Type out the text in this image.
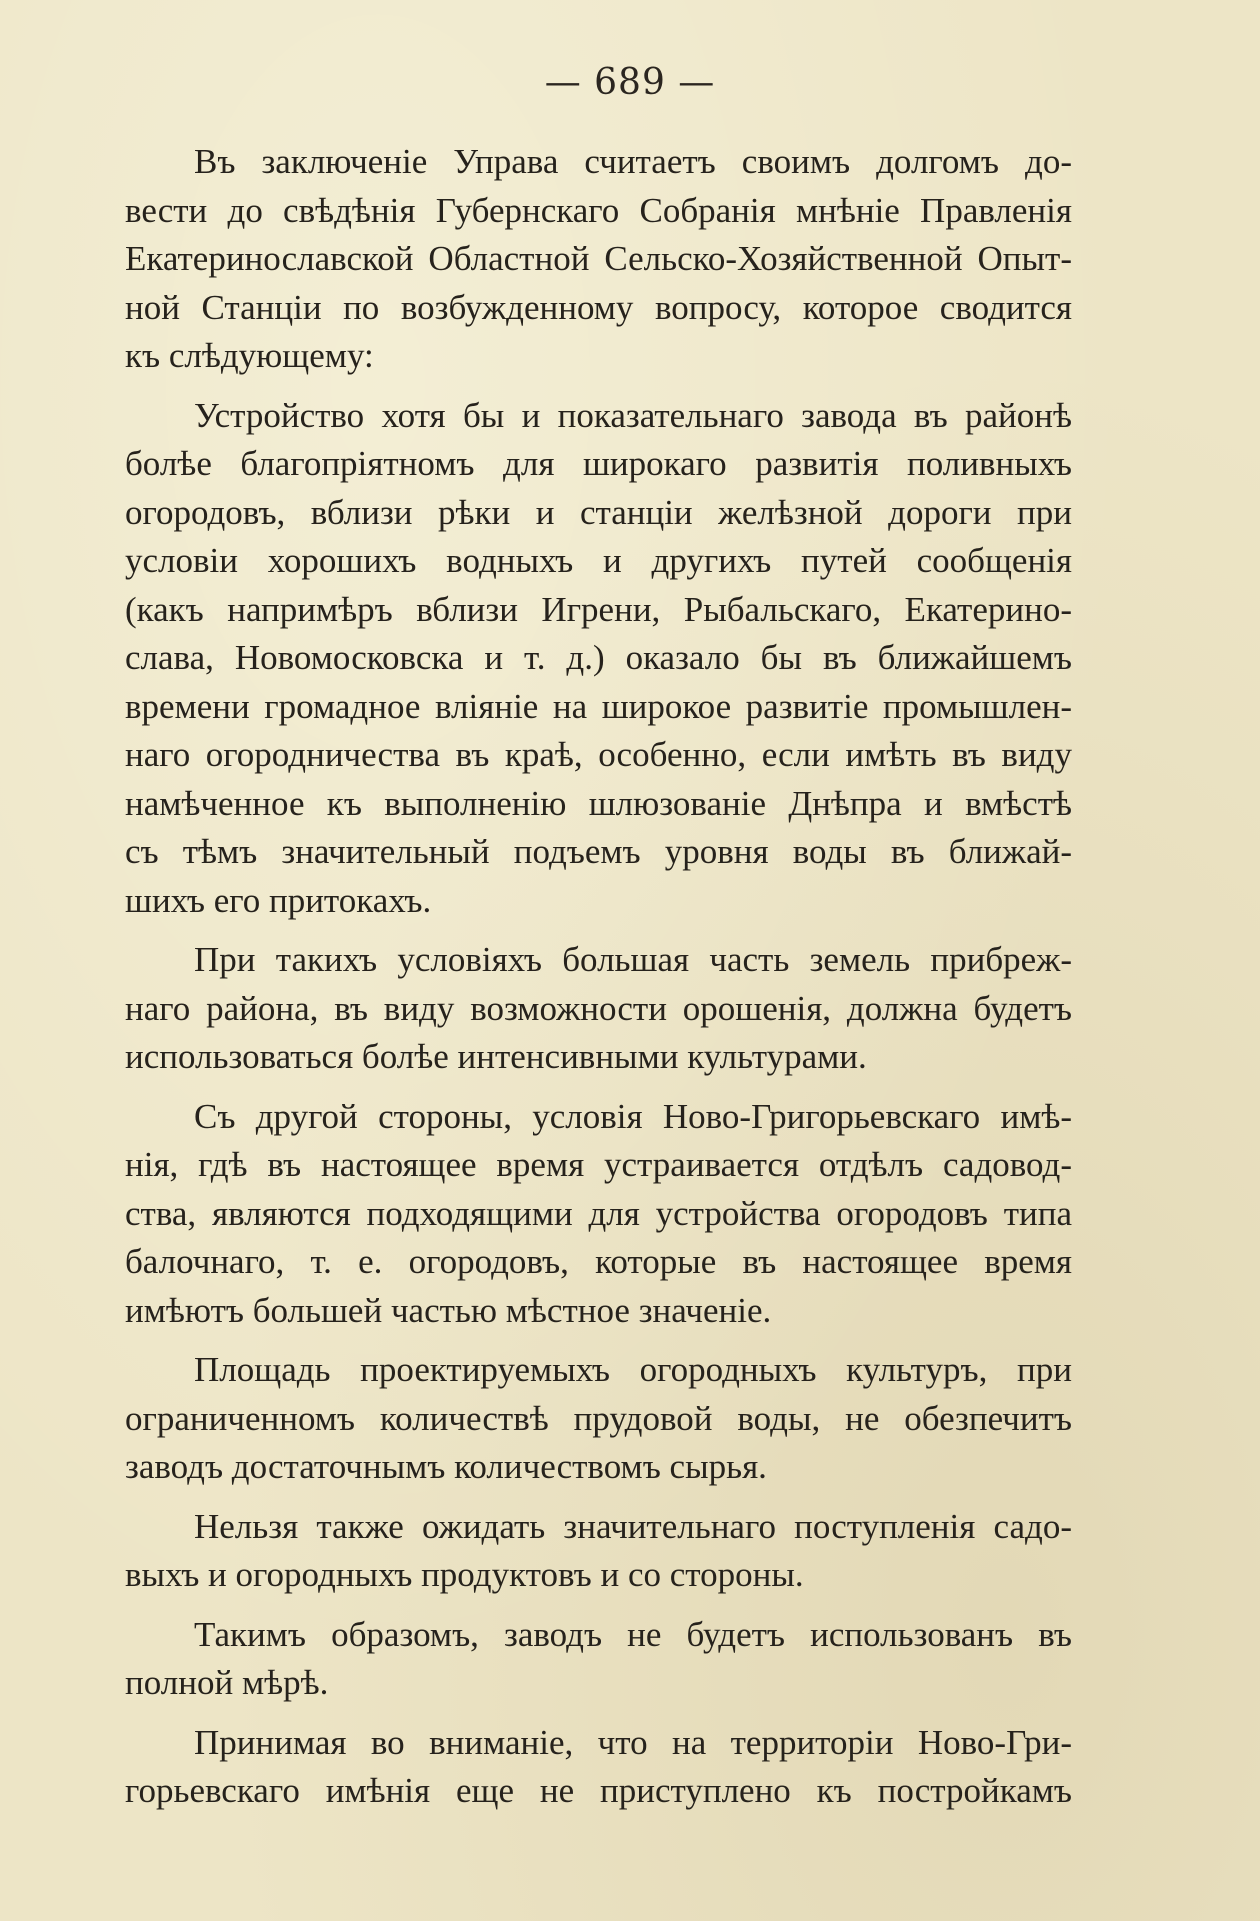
— 689 —
Въ заключеніе Управа считаетъ своимъ долгомъ до-
вести до свѣдѣнія Губернскаго Собранія мнѣніе Правленія
Екатеринославской Областной Сельско-Хозяйственной Опыт-
ной Станціи по возбужденному вопросу, которое сводится
къ слѣдующему:
Устройство хотя бы и показательнаго завода въ районѣ
болѣе благопріятномъ для широкаго развитія поливныхъ
огородовъ, вблизи рѣки и станціи желѣзной дороги при
условіи хорошихъ водныхъ и другихъ путей сообщенія
(какъ напримѣръ вблизи Игрени, Рыбальскаго, Екатерино-
слава, Новомосковска и т. д.) оказало бы въ ближайшемъ
времени громадное вліяніе на широкое развитіе промышлен-
наго огородничества въ краѣ, особенно, если имѣть въ виду
намѣченное къ выполненію шлюзованіе Днѣпра и вмѣстѣ
съ тѣмъ значительный подъемъ уровня воды въ ближай-
шихъ его притокахъ.
При такихъ условіяхъ большая часть земель прибреж-
наго района, въ виду возможности орошенія, должна будетъ
использоваться болѣе интенсивными культурами.
Съ другой стороны, условія Ново-Григорьевскаго имѣ-
нія, гдѣ въ настоящее время устраивается отдѣлъ садовод-
ства, являются подходящими для устройства огородовъ типа
балочнаго, т. е. огородовъ, которые въ настоящее время
имѣютъ большей частью мѣстное значеніе.
Площадь проектируемыхъ огородныхъ культуръ, при
ограниченномъ количествѣ прудовой воды, не обезпечитъ
заводъ достаточнымъ количествомъ сырья.
Нельзя также ожидать значительнаго поступленія садо-
выхъ и огородныхъ продуктовъ и со стороны.
Такимъ образомъ, заводъ не будетъ использованъ въ
полной мѣрѣ.
Принимая во вниманіе, что на территоріи Ново-Гри-
горьевскаго имѣнія еще не приступлено къ постройкамъ
